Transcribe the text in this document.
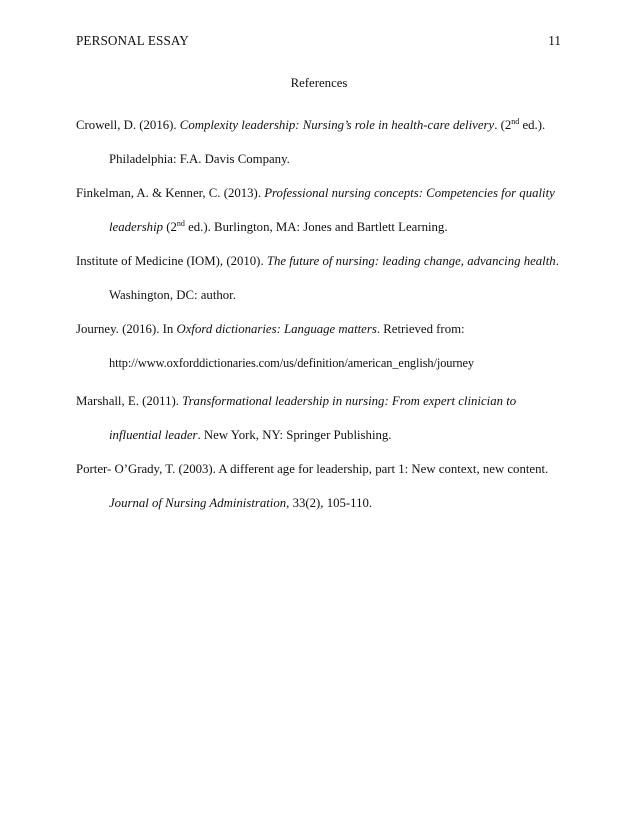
PERSONAL ESSAY	11
References
Crowell, D. (2016). Complexity leadership: Nursing’s role in health-care delivery. (2nd ed.).
Philadelphia: F.A. Davis Company.
Finkelman, A. & Kenner, C. (2013). Professional nursing concepts: Competencies for quality
leadership (2nd ed.). Burlington, MA: Jones and Bartlett Learning.
Institute of Medicine (IOM), (2010). The future of nursing: leading change, advancing health.
Washington, DC: author.
Journey. (2016). In Oxford dictionaries: Language matters. Retrieved from:
http://www.oxforddictionaries.com/us/definition/american_english/journey
Marshall, E. (2011). Transformational leadership in nursing: From expert clinician to
influential leader. New York, NY: Springer Publishing.
Porter- O’Grady, T. (2003). A different age for leadership, part 1: New context, new content.
Journal of Nursing Administration, 33(2), 105-110.
